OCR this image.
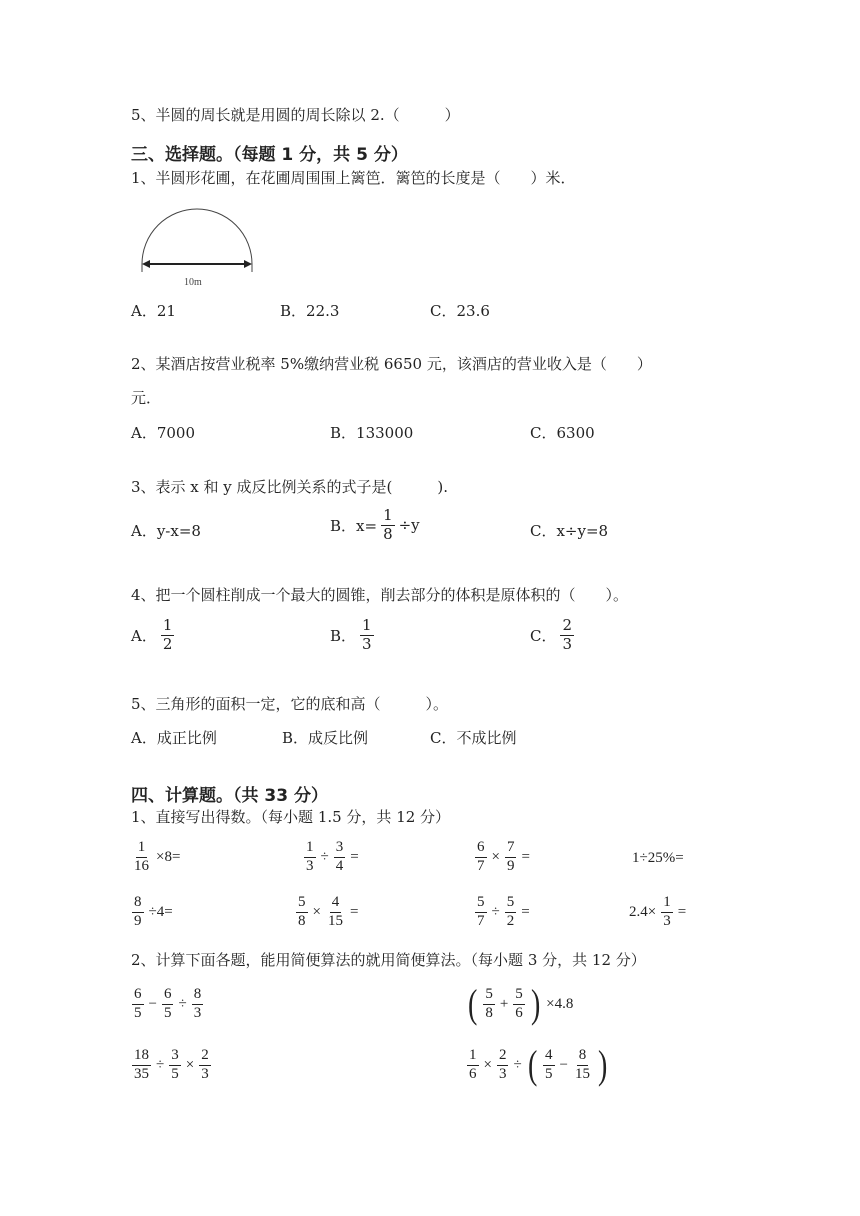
5、半圆的周长就是用圆的周长除以 2.（　　　）
三、选择题。（每题 1 分，共 5 分）
1、半圆形花圃，在花圃周围围上篱笆．篱笆的长度是（　　）米．
10m
A．21	B．22.3	C．23.6
2、某酒店按营业税率 5%缴纳营业税 6650 元，该酒店的营业收入是（　　）
元．
A．7000	B．133000	C．6300
3、表示 x 和 y 成反比例关系的式子是(　　　).
A．y-x=8	B．$x= \frac{1}{8} \div y$	C．x÷y=8
4、把一个圆柱削成一个最大的圆锥，削去部分的体积是原体积的（　　）。
A． $\frac{1}{2}$	B． $\frac{1}{3}$	C． $\frac{2}{3}$
5、三角形的面积一定，它的底和高（　　　）。
A．成正比例	B．成反比例	C．不成比例
四、计算题。（共 33 分）
1、直接写出得数。（每小题 1.5 分，共 12 分）
$\frac{1}{16} \times 8=$	$\frac{1}{3} \div \frac{3}{4}$ =	$\frac{6}{7} \times \frac{7}{9}$ =	1÷25%=
$\frac{8}{9} \div 4=$	$\frac{5}{8} \times \frac{4}{15}$ =	$\frac{5}{7} \div \frac{5}{2}$ =	$2.4\times \frac{1}{3}$ =
2、计算下面各题，能用简便算法的就用简便算法。（每小题 3 分，共 12 分）
$\frac{6}{5} - \frac{6}{5} \div \frac{8}{3}$	( $\frac{5}{8} + \frac{5}{6}$ ) ×4.8
$\frac{18}{35} \div \frac{3}{5} \times \frac{2}{3}$	$\frac{1}{6} \times \frac{2}{3}$ ÷ ( $\frac{4}{5} - \frac{8}{15}$ )
